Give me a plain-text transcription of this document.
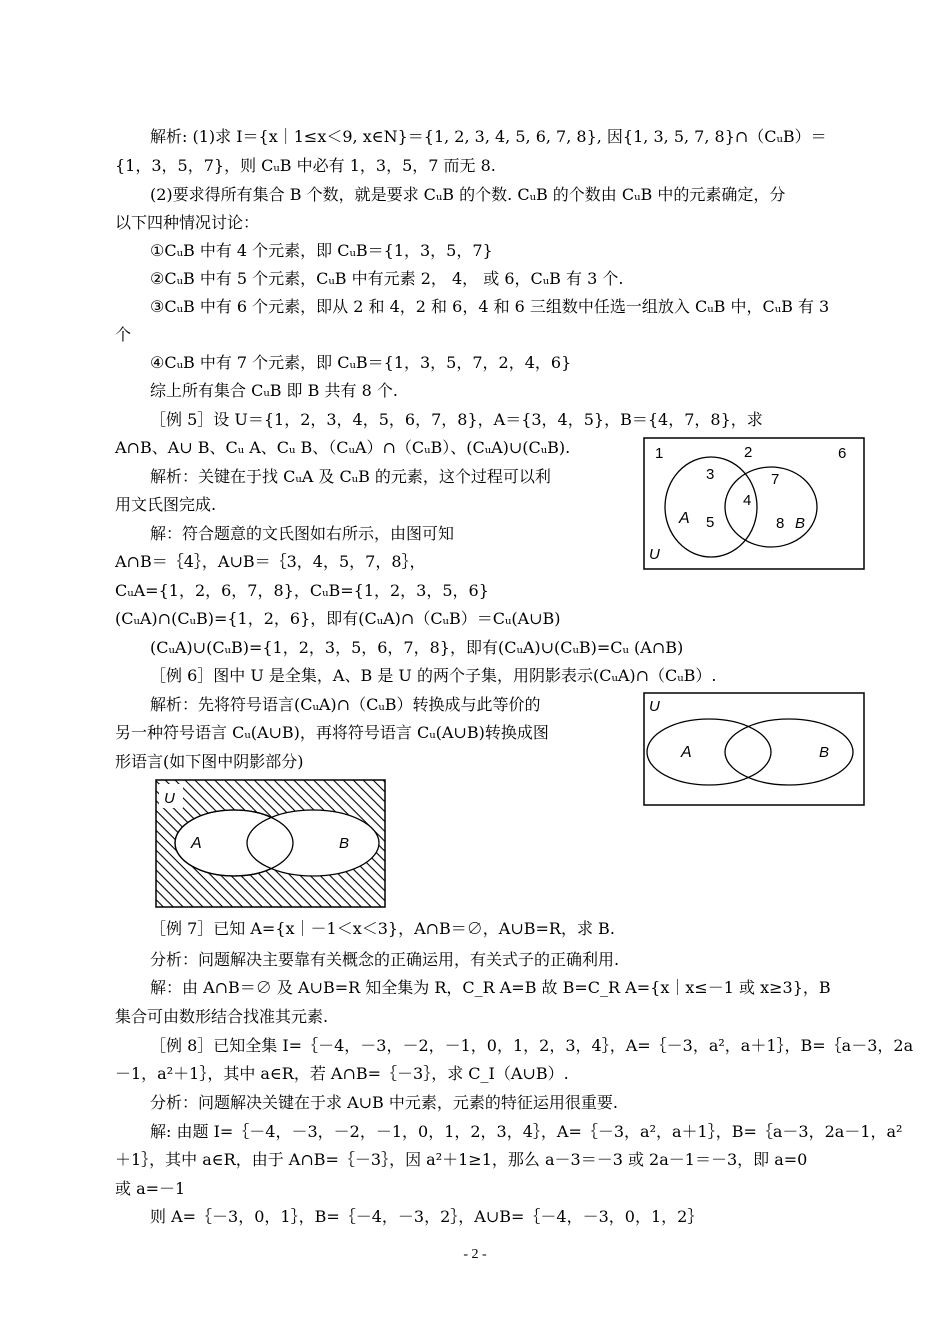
解析: (1)求 I＝{x｜1≤x＜9, x∈N}＝{1, 2, 3, 4, 5, 6, 7, 8}, 因{1, 3, 5, 7, 8}∩（CᵤB）＝
{1，3，5，7}，则 CᵤB 中必有 1，3，5，7 而无 8.
(2)要求得所有集合 B 个数，就是要求 CᵤB 的个数. CᵤB 的个数由 CᵤB 中的元素确定，分
以下四种情况讨论：
①CᵤB 中有 4 个元素，即 CᵤB＝{1，3，5，7}
②CᵤB 中有 5 个元素，CᵤB 中有元素 2， 4， 或 6，CᵤB 有 3 个.
③CᵤB 中有 6 个元素，即从 2 和 4，2 和 6，4 和 6 三组数中任选一组放入 CᵤB 中，CᵤB 有 3
个
④CᵤB 中有 7 个元素，即 CᵤB＝{1，3，5，7，2，4，6}
综上所有集合 CᵤB 即 B 共有 8 个.
［例 5］设 U＝{1，2，3，4，5，6，7，8}，A＝{3，4，5}，B＝{4，7，8}，求
A∩B、A∪ B、Cᵤ A、Cᵤ B、（CᵤA）∩（CᵤB）、(CᵤA)∪(CᵤB).
解析：关键在于找 CᵤA 及 CᵤB 的元素，这个过程可以利
用文氏图完成.
解：符合题意的文氏图如右所示，由图可知
A∩B＝｛4｝，A∪B＝｛3，4，5，7，8｝，
CᵤA={1，2，6，7，8}，CᵤB={1，2，3，5，6}
(CᵤA)∩(CᵤB)={1，2，6}，即有(CᵤA)∩（CᵤB）＝Cᵤ(A∪B)
(CᵤA)∪(CᵤB)={1，2，3，5，6，7，8}，即有(CᵤA)∪(CᵤB)=Cᵤ (A∩B)
［例 6］图中 U 是全集，A、B 是 U 的两个子集，用阴影表示(CᵤA)∩（CᵤB）.
解析：先将符号语言(CᵤA)∩（CᵤB）转换成与此等价的
另一种符号语言 Cᵤ(A∪B)，再将符号语言 Cᵤ(A∪B)转换成图
形语言(如下图中阴影部分)
［例 7］已知 A={x｜－1＜x＜3}，A∩B＝∅，A∪B=R，求 B.
分析：问题解决主要靠有关概念的正确运用，有关式子的正确利用.
解：由 A∩B＝∅ 及 A∪B=R 知全集为 R，C_R A=B 故 B=C_R A={x｜x≤－1 或 x≥3}，B
集合可由数形结合找准其元素.
［例 8］已知全集 I=｛－4，－3，－2，－1，0，1，2，3，4｝，A=｛－3，a²，a＋1｝，B=｛a－3，2a
－1，a²＋1｝，其中 a∈R，若 A∩B=｛－3｝，求 C_I（A∪B）.
分析：问题解决关键在于求 A∪B 中元素，元素的特征运用很重要.
解: 由题 I=｛－4，－3，－2，－1，0，1，2，3，4｝，A=｛－3，a²，a＋1｝，B=｛a－3，2a－1，a²
＋1｝，其中 a∈R，由于 A∩B=｛－3｝，因 a²＋1≥1，那么 a－3＝－3 或 2a－1＝－3，即 a=0
或 a=－1
则 A=｛－3，0，1｝，B=｛－4，－3，2｝，A∪B=｛－4，－3，0，1，2｝
1	2	6
3	7
4
5	8
A	B
U
U
A	B
U
A	B
- 2 -
